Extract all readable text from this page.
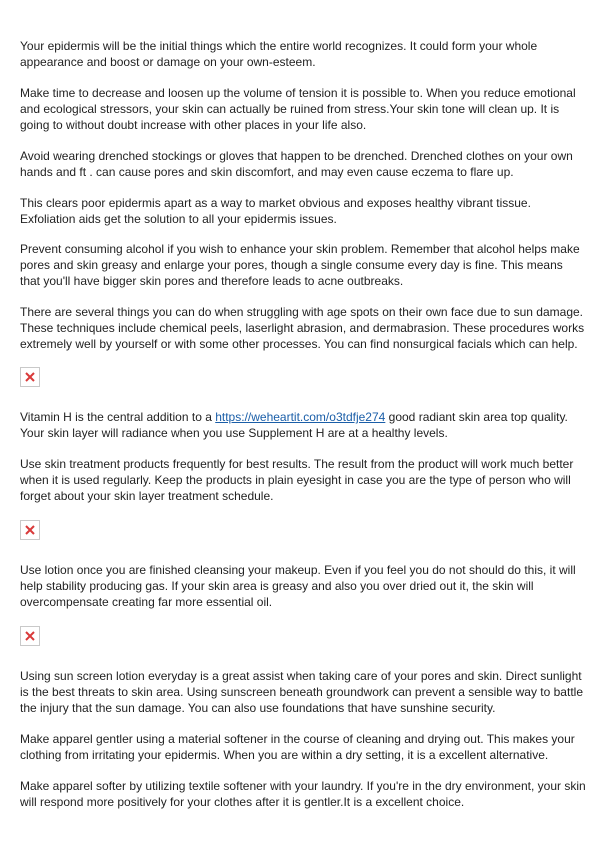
Your epidermis will be the initial things which the entire world recognizes. It could form your whole appearance and boost or damage on your own-esteem.

Make time to decrease and loosen up the volume of tension it is possible to. When you reduce emotional and ecological stressors, your skin can actually be ruined from stress.Your skin tone will clean up. It is going to without doubt increase with other places in your life also.

Avoid wearing drenched stockings or gloves that happen to be drenched. Drenched clothes on your own hands and ft . can cause pores and skin discomfort, and may even cause eczema to flare up.

This clears poor epidermis apart as a way to market obvious and exposes healthy vibrant tissue. Exfoliation aids get the solution to all your epidermis issues.

Prevent consuming alcohol if you wish to enhance your skin problem. Remember that alcohol helps make pores and skin greasy and enlarge your pores, though a single consume every day is fine. This means that you'll have bigger skin pores and therefore leads to acne outbreaks.

There are several things you can do when struggling with age spots on their own face due to sun damage. These techniques include chemical peels, laserlight abrasion, and dermabrasion. These procedures works extremely well by yourself or with some other processes. You can find nonsurgical facials which can help.

Vitamin H is the central addition to a https://weheartit.com/o3tdfje274 good radiant skin area top quality. Your skin layer will radiance when you use Supplement H are at a healthy levels.

Use skin treatment products frequently for best results. The result from the product will work much better when it is used regularly. Keep the products in plain eyesight in case you are the type of person who will forget about your skin layer treatment schedule.

Use lotion once you are finished cleansing your makeup. Even if you feel you do not should do this, it will help stability producing gas. If your skin area is greasy and also you over dried out it, the skin will overcompensate creating far more essential oil.

Using sun screen lotion everyday is a great assist when taking care of your pores and skin. Direct sunlight is the best threats to skin area. Using sunscreen beneath groundwork can prevent a sensible way to battle the injury that the sun damage. You can also use foundations that have sunshine security.

Make apparel gentler using a material softener in the course of cleaning and drying out. This makes your clothing from irritating your epidermis. When you are within a dry setting, it is a excellent alternative.

Make apparel softer by utilizing textile softener with your laundry. If you're in the dry environment, your skin will respond more positively for your clothes after it is gentler.It is a excellent choice.
